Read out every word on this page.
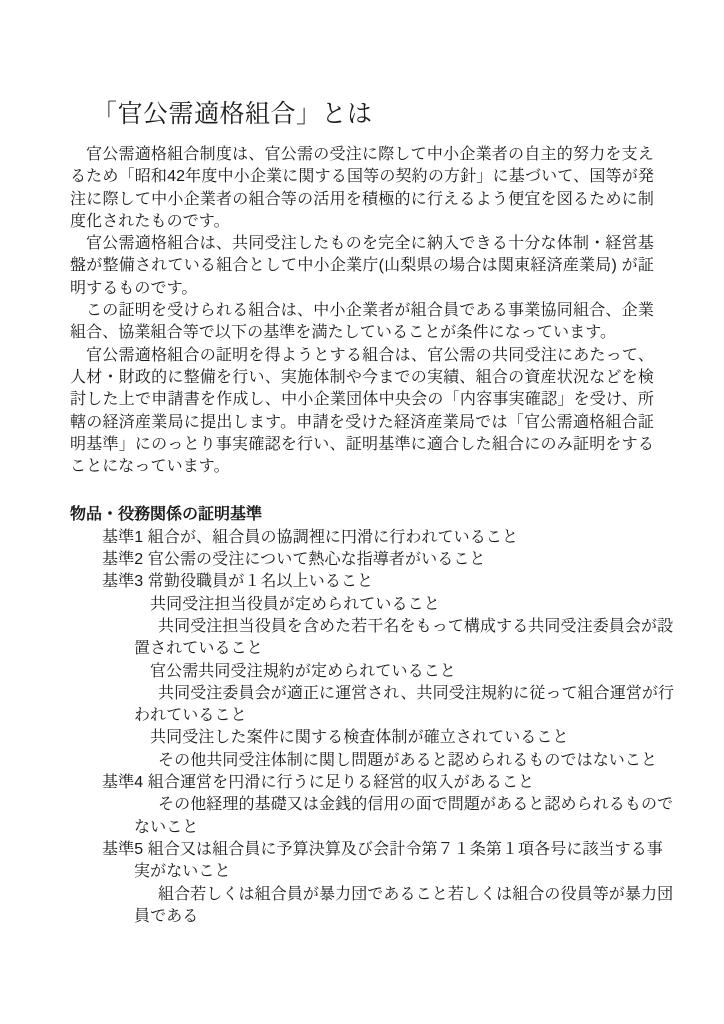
「官公需適格組合」とは

官公需適格組合制度は、官公需の受注に際して中小企業者の自主的努力を支えるため「昭和42年度中小企業に関する国等の契約の方針」に基づいて、国等が発注に際して中小企業者の組合等の活用を積極的に行えるよう便宜を図るために制度化されたものです。

官公需適格組合は、共同受注したものを完全に納入できる十分な体制・経営基盤が整備されている組合として中小企業庁(山梨県の場合は関東経済産業局) が証明するものです。

この証明を受けられる組合は、中小企業者が組合員である事業協同組合、企業組合、協業組合等で以下の基準を満たしていることが条件になっています。

官公需適格組合の証明を得ようとする組合は、官公需の共同受注にあたって、人材・財政的に整備を行い、実施体制や今までの実績、組合の資産状況などを検討した上で申請書を作成し、中小企業団体中央会の「内容事実確認」を受け、所轄の経済産業局に提出します。申請を受けた経済産業局では「官公需適格組合証明基準」にのっとり事実確認を行い、証明基準に適合した組合にのみ証明をすることになっています。

物品・役務関係の証明基準

基準1 組合が、組合員の協調裡に円滑に行われていること
基準2 官公需の受注について熱心な指導者がいること
基準3 常勤役職員が１名以上いること
共同受注担当役員が定められていること
共同受注担当役員を含めた若干名をもって構成する共同受注委員会が設
置されていること
官公需共同受注規約が定められていること
共同受注委員会が適正に運営され、共同受注規約に従って組合運営が行
われていること
共同受注した案件に関する検査体制が確立されていること
その他共同受注体制に関し問題があると認められるものではないこと
基準4 組合運営を円滑に行うに足りる経営的収入があること
その他経理的基礎又は金銭的信用の面で問題があると認められるもので
ないこと
基準5 組合又は組合員に予算決算及び会計令第７１条第１項各号に該当する事
実がないこと
組合若しくは組合員が暴力団であること若しくは組合の役員等が暴力団
員である
